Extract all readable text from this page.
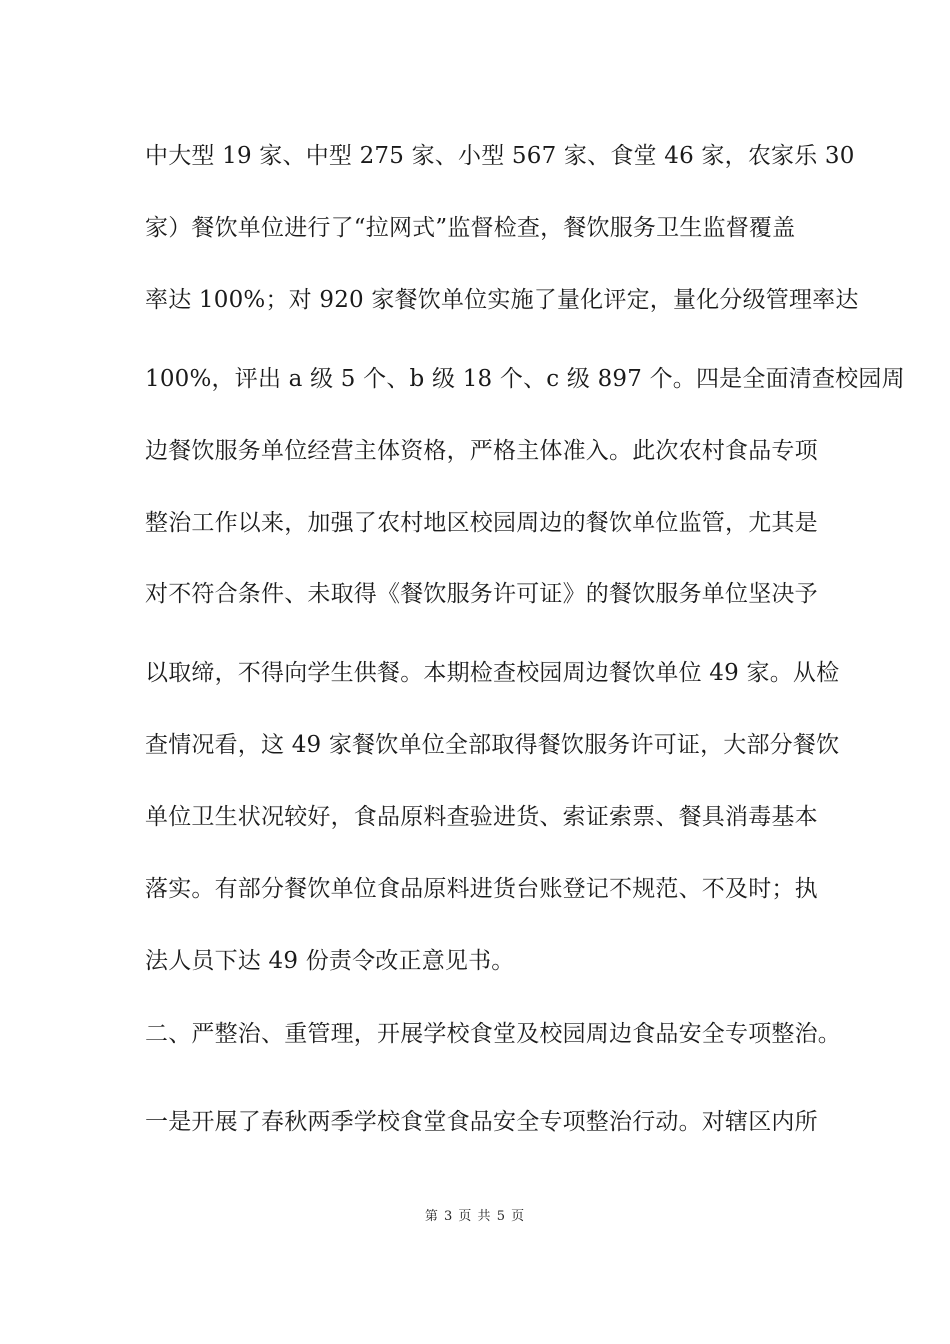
中大型 19 家、中型 275 家、小型 567 家、食堂 46 家，农家乐 30
家）餐饮单位进行了“拉网式”监督检查，餐饮服务卫生监督覆盖
率达 100%；对 920 家餐饮单位实施了量化评定，量化分级管理率达
100%，评出 a 级 5 个、b 级 18 个、c 级 897 个。四是全面清查校园周
边餐饮服务单位经营主体资格，严格主体准入。此次农村食品专项
整治工作以来，加强了农村地区校园周边的餐饮单位监管，尤其是
对不符合条件、未取得《餐饮服务许可证》的餐饮服务单位坚决予
以取缔，不得向学生供餐。本期检查校园周边餐饮单位 49 家。从检
查情况看，这 49 家餐饮单位全部取得餐饮服务许可证，大部分餐饮
单位卫生状况较好，食品原料查验进货、索证索票、餐具消毒基本
落实。有部分餐饮单位食品原料进货台账登记不规范、不及时；执
法人员下达 49 份责令改正意见书。
二、严整治、重管理，开展学校食堂及校园周边食品安全专项整治。
一是开展了春秋两季学校食堂食品安全专项整治行动。对辖区内所
第 3 页 共 5 页
